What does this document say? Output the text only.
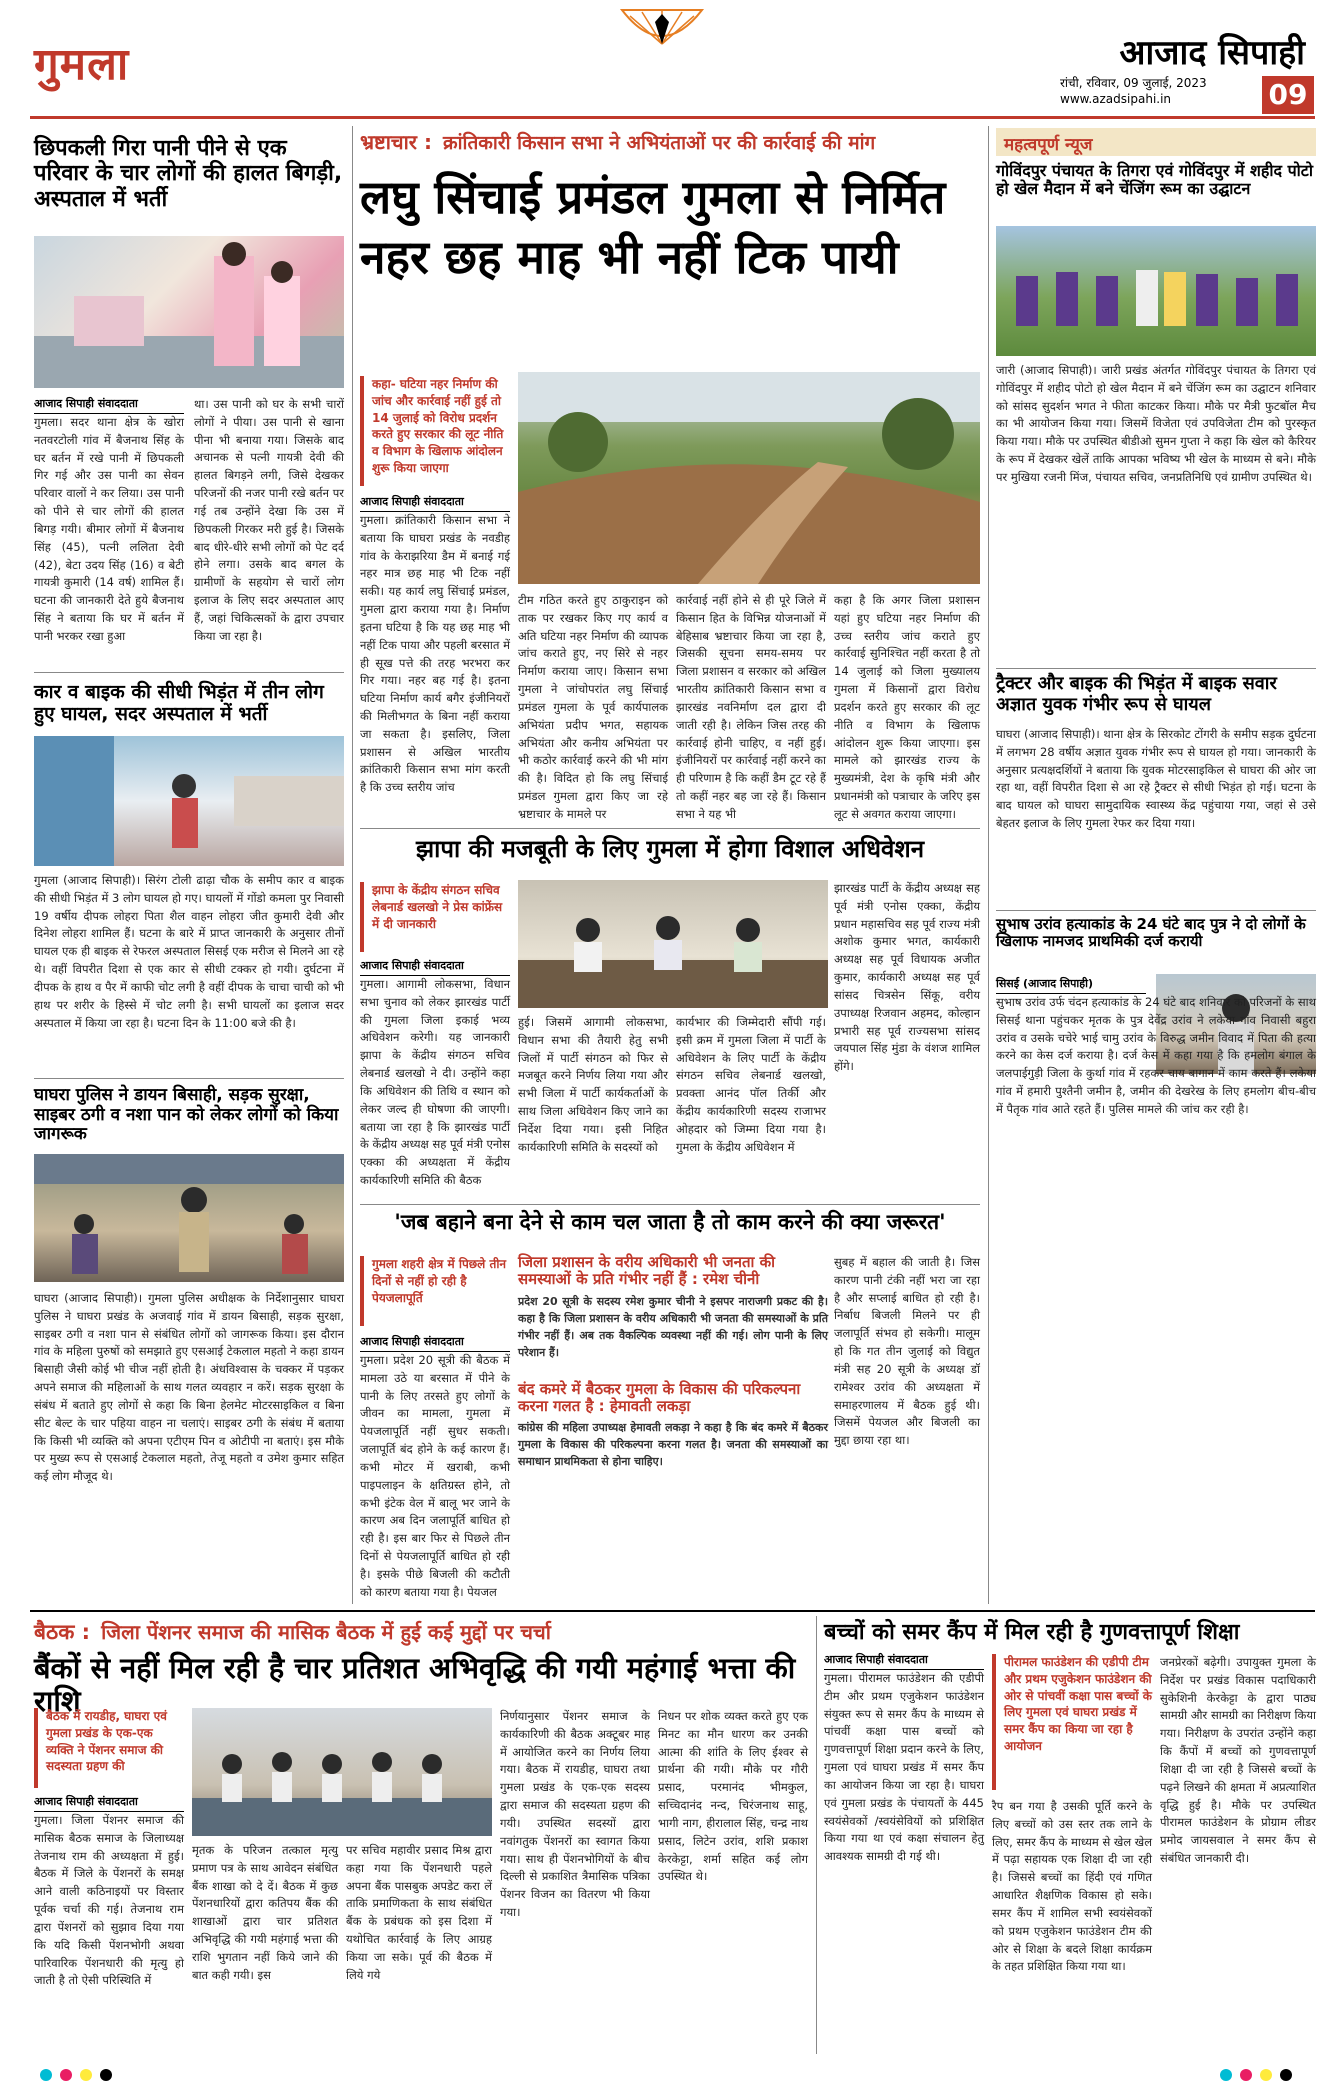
गुमला	आजाद सिपाही
रांची, रविवार, 09 जुलाई, 2023
www.azadsipahi.in	09
छिपकली गिरा पानी पीने से एक परिवार के चार लोगों की हालत बिगड़ी, अस्पताल में भर्ती
आजाद सिपाही संवाददाता
गुमला। सदर थाना क्षेत्र के खोरा नतवरटोली गांव में बैजनाथ सिंह के घर बर्तन में रखे पानी में छिपकली गिर गई और उस पानी का सेवन परिवार वालों ने कर लिया। उस पानी को पीने से चार लोगों की हालत बिगड़ गयी। बीमार लोगों में बैजनाथ सिंह (45), पत्नी ललिता देवी (42), बेटा उदय सिंह (16) व बेटी गायत्री कुमारी (14 वर्ष) शामिल हैं। घटना की जानकारी देते हुये बैजनाथ सिंह ने बताया कि घर में बर्तन में पानी भरकर रखा हुआ
था। उस पानी को घर के सभी चारों लोगों ने पीया। उस पानी से खाना पीना भी बनाया गया। जिसके बाद अचानक से पत्नी गायत्री देवी की हालत बिगड़ने लगी, जिसे देखकर परिजनों की नजर पानी रखे बर्तन पर गई तब उन्होंने देखा कि उस में छिपकली गिरकर मरी हुई है। जिसके बाद धीरे-धीरे सभी लोगों को पेट दर्द होने लगा। उसके बाद बगल के ग्रामीणों के सहयोग से चारों लोग इलाज के लिए सदर अस्पताल आए हैं, जहां चिकित्सकों के द्वारा उपचार किया जा रहा है।
कार व बाइक की सीधी भिड़ंत में तीन लोग हुए घायल, सदर अस्पताल में भर्ती
गुमला (आजाद सिपाही)। सिरंग टोली ढाढ़ा चौक के समीप कार व बाइक की सीधी भिड़ंत में 3 लोग घायल हो गए। घायलों में गोंडो कमला पुर निवासी 19 वर्षीय दीपक लोहरा पिता शैल वाहन लोहरा जीत कुमारी देवी और दिनेश लोहरा शामिल हैं। घटना के बारे में प्राप्त जानकारी के अनुसार तीनों घायल एक ही बाइक से रेफरल अस्पताल सिसई एक मरीज से मिलने आ रहे थे। वहीं विपरीत दिशा से एक कार से सीधी टक्कर हो गयी। दुर्घटना में दीपक के हाथ व पैर में काफी चोट लगी है वहीं दीपक के चाचा चाची को भी हाथ पर शरीर के हिस्से में चोट लगी है। सभी घायलों का इलाज सदर अस्पताल में किया जा रहा है। घटना दिन के 11:00 बजे की है।
घाघरा पुलिस ने डायन बिसाही, सड़क सुरक्षा, साइबर ठगी व नशा पान को लेकर लोगों को किया जागरूक
घाघरा (आजाद सिपाही)। गुमला पुलिस अधीक्षक के निर्देशानुसार घाघरा पुलिस ने घाघरा प्रखंड के अजवाई गांव में डायन बिसाही, सड़क सुरक्षा, साइबर ठगी व नशा पान से संबंधित लोगों को जागरूक किया। इस दौरान गांव के महिला पुरुषों को समझाते हुए एसआई टेकलाल महतो ने कहा डायन बिसाही जैसी कोई भी चीज नहीं होती है। अंधविश्वास के चक्कर में पड़कर अपने समाज की महिलाओं के साथ गलत व्यवहार न करें। सड़क सुरक्षा के संबंध में बताते हुए लोगों से कहा कि बिना हेलमेट मोटरसाइकिल व बिना सीट बेल्ट के चार पहिया वाहन ना चलाएं। साइबर ठगी के संबंध में बताया कि किसी भी व्यक्ति को अपना एटीएम पिन व ओटीपी ना बताएं। इस मौके पर मुख्य रूप से एसआई टेकलाल महतो, तेजू महतो व उमेश कुमार सहित कई लोग मौजूद थे।
भ्रष्टाचार : क्रांतिकारी किसान सभा ने अभियंताओं पर की कार्रवाई की मांग
लघु सिंचाई प्रमंडल गुमला से निर्मित नहर छह माह भी नहीं टिक पायी
कहा- घटिया नहर निर्माण की जांच और कार्रवाई नहीं हुई तो 14 जुलाई को विरोध प्रदर्शन करते हुए सरकार की लूट नीति व विभाग के खिलाफ आंदोलन शुरू किया जाएगा
आजाद सिपाही संवाददाता
गुमला। क्रांतिकारी किसान सभा ने बताया कि घाघरा प्रखंड के नवडीह गांव के केराझरिया डैम में बनाई गई नहर मात्र छह माह भी टिक नहीं सकी। यह कार्य लघु सिंचाई प्रमंडल, गुमला द्वारा कराया गया है। निर्माण इतना घटिया है कि यह छह माह भी नहीं टिक पाया और पहली बरसात में ही सूख पत्ते की तरह भरभरा कर गिर गया। नहर बह गई है। इतना घटिया निर्माण कार्य बगैर इंजीनियरों की मिलीभगत के बिना नहीं कराया जा सकता है। इसलिए, जिला प्रशासन से अखिल भारतीय क्रांतिकारी किसान सभा मांग करती है कि उच्च स्तरीय जांच
टीम गठित करते हुए ठाकुराइन को ताक पर रखकर किए गए कार्य व अति घटिया नहर निर्माण की व्यापक जांच कराते हुए, नए सिरे से नहर निर्माण कराया जाए। किसान सभा गुमला ने जांचोपरांत लघु सिंचाई प्रमंडल गुमला के पूर्व कार्यपालक अभियंता प्रदीप भगत, सहायक अभियंता और कनीय अभियंता पर भी कठोर कार्रवाई करने की भी मांग की है। विदित हो कि लघु सिंचाई प्रमंडल गुमला द्वारा किए जा रहे भ्रष्टाचार के मामले पर
कार्रवाई नहीं होने से ही पूरे जिले में किसान हित के विभिन्न योजनाओं में बेहिसाब भ्रष्टाचार किया जा रहा है, जिसकी सूचना समय-समय पर जिला प्रशासन व सरकार को अखिल भारतीय क्रांतिकारी किसान सभा व झारखंड नवनिर्माण दल द्वारा दी जाती रही है। लेकिन जिस तरह की कार्रवाई होनी चाहिए, व नहीं हुई। इंजीनियरों पर कार्रवाई नहीं करने का ही परिणाम है कि कहीं डैम टूट रहे हैं तो कहीं नहर बह जा रहे हैं। किसान सभा ने यह भी
कहा है कि अगर जिला प्रशासन यहां हुए घटिया नहर निर्माण की उच्च स्तरीय जांच कराते हुए कार्रवाई सुनिश्चित नहीं करता है तो 14 जुलाई को जिला मुख्यालय गुमला में किसानों द्वारा विरोध प्रदर्शन करते हुए सरकार की लूट नीति व विभाग के खिलाफ आंदोलन शुरू किया जाएगा। इस मामले को झारखंड राज्य के मुख्यमंत्री, देश के कृषि मंत्री और प्रधानमंत्री को पत्राचार के जरिए इस लूट से अवगत कराया जाएगा।
झापा की मजबूती के लिए गुमला में होगा विशाल अधिवेशन
झापा के केंद्रीय संगठन सचिव लेबनार्ड खलखो ने प्रेस कांफ्रेंस में दी जानकारी
आजाद सिपाही संवाददाता
गुमला। आगामी लोकसभा, विधान सभा चुनाव को लेकर झारखंड पार्टी की गुमला जिला इकाई भव्य अधिवेशन करेगी। यह जानकारी झापा के केंद्रीय संगठन सचिव लेबनार्ड खलखो ने दी। उन्होंने कहा कि अधिवेशन की तिथि व स्थान को लेकर जल्द ही घोषणा की जाएगी। बताया जा रहा है कि झारखंड पार्टी के केंद्रीय अध्यक्ष सह पूर्व मंत्री एनोस एक्का की अध्यक्षता में केंद्रीय कार्यकारिणी समिति की बैठक
हुई। जिसमें आगामी लोकसभा, विधान सभा की तैयारी हेतु सभी जिलों में पार्टी संगठन को फिर से मजबूत करने निर्णय लिया गया और सभी जिला में पार्टी कार्यकर्ताओं के साथ जिला अधिवेशन किए जाने का निर्देश दिया गया। इसी निहित कार्यकारिणी समिति के सदस्यों को
कार्यभार की जिम्मेदारी सौंपी गई। इसी क्रम में गुमला जिला में पार्टी के अधिवेशन के लिए पार्टी के केंद्रीय संगठन सचिव लेबनार्ड खलखो, प्रवक्ता आनंद पॉल तिर्की और केंद्रीय कार्यकारिणी सदस्य राजाभर ओहदार को जिम्मा दिया गया है। गुमला के केंद्रीय अधिवेशन में
झारखंड पार्टी के केंद्रीय अध्यक्ष सह पूर्व मंत्री एनोस एक्का, केंद्रीय प्रधान महासचिव सह पूर्व राज्य मंत्री अशोक कुमार भगत, कार्यकारी अध्यक्ष सह पूर्व विधायक अजीत कुमार, कार्यकारी अध्यक्ष सह पूर्व सांसद चित्रसेन सिंकू, वरीय उपाध्यक्ष रिजवान अहमद, कोल्हान प्रभारी सह पूर्व राज्यसभा सांसद जयपाल सिंह मुंडा के वंशज शामिल होंगे।
'जब बहाने बना देने से काम चल जाता है तो काम करने की क्या जरूरत'
गुमला शहरी क्षेत्र में पिछले तीन दिनों से नहीं हो रही है पेयजलापूर्ति
आजाद सिपाही संवाददाता
गुमला। प्रदेश 20 सूत्री की बैठक में मामला उठे या बरसात में पीने के पानी के लिए तरसते हुए लोगों के जीवन का मामला, गुमला में पेयजलापूर्ति नहीं सुधर सकती। जलापूर्ति बंद होने के कई कारण हैं। कभी मोटर में खराबी, कभी पाइपलाइन के क्षतिग्रस्त होने, तो कभी इंटेक वेल में बालू भर जाने के कारण अब दिन जलापूर्ति बाधित हो रही है। इस बार फिर से पिछले तीन दिनों से पेयजलापूर्ति बाधित हो रही है। इसके पीछे बिजली की कटौती को कारण बताया गया है। पेयजल
जिला प्रशासन के वरीय अधिकारी भी जनता की समस्याओं के प्रति गंभीर नहीं हैं : रमेश चीनी
प्रदेश 20 सूत्री के सदस्य रमेश कुमार चीनी ने इसपर नाराजगी प्रकट की है। कहा है कि जिला प्रशासन के वरीय अधिकारी भी जनता की समस्याओं के प्रति गंभीर नहीं हैं। अब तक वैकल्पिक व्यवस्था नहीं की गई। लोग पानी के लिए परेशान हैं।
बंद कमरे में बैठकर गुमला के विकास की परिकल्पना करना गलत है : हेमावती लकड़ा
कांग्रेस की महिला उपाध्यक्ष हेमावती लकड़ा ने कहा है कि बंद कमरे में बैठकर गुमला के विकास की परिकल्पना करना गलत है। जनता की समस्याओं का समाधान प्राथमिकता से होना चाहिए।
सुबह में बहाल की जाती है। जिस कारण पानी टंकी नहीं भरा जा रहा है और सप्लाई बाधित हो रही है। निर्बाध बिजली मिलने पर ही जलापूर्ति संभव हो सकेगी। मालूम हो कि गत तीन जुलाई को विद्युत मंत्री सह 20 सूत्री के अध्यक्ष डॉ रामेश्वर उरांव की अध्यक्षता में समाहरणालय में बैठक हुई थी। जिसमें पेयजल और बिजली का मुद्दा छाया रहा था।
महत्वपूर्ण न्यूज
गोविंदपुर पंचायत के तिगरा एवं गोविंदपुर में शहीद पोटो हो खेल मैदान में बने चेंजिंग रूम का उद्घाटन
जारी (आजाद सिपाही)। जारी प्रखंड अंतर्गत गोविंदपुर पंचायत के तिगरा एवं गोविंदपुर में शहीद पोटो हो खेल मैदान में बने चेंजिंग रूम का उद्घाटन शनिवार को सांसद सुदर्शन भगत ने फीता काटकर किया। मौके पर मैत्री फुटबॉल मैच का भी आयोजन किया गया। जिसमें विजेता एवं उपविजेता टीम को पुरस्कृत किया गया। मौके पर उपस्थित बीडीओ सुमन गुप्ता ने कहा कि खेल को कैरियर के रूप में देखकर खेलें ताकि आपका भविष्य भी खेल के माध्यम से बने। मौके पर मुखिया रजनी मिंज, पंचायत सचिव, जनप्रतिनिधि एवं ग्रामीण उपस्थित थे।
ट्रैक्टर और बाइक की भिड़ंत में बाइक सवार अज्ञात युवक गंभीर रूप से घायल
घाघरा (आजाद सिपाही)। थाना क्षेत्र के सिरकोट टोंगरी के समीप सड़क दुर्घटना में लगभग 28 वर्षीय अज्ञात युवक गंभीर रूप से घायल हो गया। जानकारी के अनुसार प्रत्यक्षदर्शियों ने बताया कि युवक मोटरसाइकिल से घाघरा की ओर जा रहा था, वहीं विपरीत दिशा से आ रहे ट्रैक्टर से सीधी भिड़ंत हो गई। घटना के बाद घायल को घाघरा सामुदायिक स्वास्थ्य केंद्र पहुंचाया गया, जहां से उसे बेहतर इलाज के लिए गुमला रेफर कर दिया गया।
सुभाष उरांव हत्याकांड के 24 घंटे बाद पुत्र ने दो लोगों के खिलाफ नामजद प्राथमिकी दर्ज करायी
सिसई (आजाद सिपाही)
सुभाष उरांव उर्फ चंदन हत्याकांड के 24 घंटे बाद शनिवार को परिजनों के साथ सिसई थाना पहुंचकर मृतक के पुत्र देवेंद्र उरांव ने लकेया गांव निवासी बहुरा उरांव व उसके चचेरे भाई चामु उरांव के विरुद्ध जमीन विवाद में पिता की हत्या करने का केस दर्ज कराया है। दर्ज केस में कहा गया है कि हमलोग बंगाल के जलपाईगुड़ी जिला के कुर्था गांव में रहकर चाय बागान में काम करते हैं। लकेया गांव में हमारी पुश्तैनी जमीन है, जमीन की देखरेख के लिए हमलोग बीच-बीच में पैतृक गांव आते रहते हैं। पुलिस मामले की जांच कर रही है।
बैठक : जिला पेंशनर समाज की मासिक बैठक में हुई कई मुद्दों पर चर्चा
बैंकों से नहीं मिल रही है चार प्रतिशत अभिवृद्धि की गयी महंगाई भत्ता की राशि
बैठक में रायडीह, घाघरा एवं गुमला प्रखंड के एक-एक व्यक्ति ने पेंशनर समाज की सदस्यता ग्रहण की
आजाद सिपाही संवाददाता
गुमला। जिला पेंशनर समाज की मासिक बैठक समाज के जिलाध्यक्ष तेजनाथ राम की अध्यक्षता में हुई। बैठक में जिले के पेंशनरों के समक्ष आने वाली कठिनाइयों पर विस्तार पूर्वक चर्चा की गई। तेजनाथ राम द्वारा पेंशनरों को सुझाव दिया गया कि यदि किसी पेंशनभोगी अथवा पारिवारिक पेंशनधारी की मृत्यु हो जाती है तो ऐसी परिस्थिति में
मृतक के परिजन तत्काल मृत्यु प्रमाण पत्र के साथ आवेदन संबंधित बैंक शाखा को दे दें। बैठक में कुछ पेंशनधारियों द्वारा कतिपय बैंक की शाखाओं द्वारा चार प्रतिशत अभिवृद्धि की गयी महंगाई भत्ता की राशि भुगतान नहीं किये जाने की बात कही गयी। इस
पर सचिव महावीर प्रसाद मिश्र द्वारा कहा गया कि पेंशनधारी पहले अपना बैंक पासबुक अपडेट करा लें ताकि प्रमाणिकता के साथ संबंधित बैंक के प्रबंधक को इस दिशा में यथोचित कार्रवाई के लिए आग्रह किया जा सके। पूर्व की बैठक में लिये गये
निर्णयानुसार पेंशनर समाज के कार्यकारिणी की बैठक अक्टूबर माह में आयोजित करने का निर्णय लिया गया। बैठक में रायडीह, घाघरा तथा गुमला प्रखंड के एक-एक सदस्य द्वारा समाज की सदस्यता ग्रहण की गयी। उपस्थित सदस्यों द्वारा नवांगतुक पेंशनरों का स्वागत किया गया। साथ ही पेंशनभोगियों के बीच दिल्ली से प्रकाशित त्रैमासिक पत्रिका पेंशनर विजन का वितरण भी किया गया।
निधन पर शोक व्यक्त करते हुए एक मिनट का मौन धारण कर उनकी आत्मा की शांति के लिए ईश्वर से प्रार्थना की गयी। मौके पर गौरी प्रसाद, परमानंद भीमकुल, सच्चिदानंद नन्द, चिरंजनाथ साहू, भागी नाग, हीरालाल सिंह, चन्द्र नाथ प्रसाद, लिटेन उरांव, शशि प्रकाश केरकेट्टा, शर्मा सहित कई लोग उपस्थित थे।
बच्चों को समर कैंप में मिल रही है गुणवत्तापूर्ण शिक्षा
आजाद सिपाही संवाददाता
गुमला। पीरामल फाउंडेशन की एडीपी टीम और प्रथम एजुकेशन फाउंडेशन संयुक्त रूप से समर कैंप के माध्यम से पांचवीं कक्षा पास बच्चों को गुणवत्तापूर्ण शिक्षा प्रदान करने के लिए, गुमला एवं घाघरा प्रखंड में समर कैंप का आयोजन किया जा रहा है। घाघरा एवं गुमला प्रखंड के पंचायतों के 445 स्वयंसेवकों /स्वयंसेवियों को प्रशिक्षित किया गया था एवं कक्षा संचालन हेतु आवश्यक सामग्री दी गई थी।
पीरामल फाउंडेशन की एडीपी टीम और प्रथम एजुकेशन फाउंडेशन की ओर से पांचवीं कक्षा पास बच्चों के लिए गुमला एवं घाघरा प्रखंड में समर कैंप का किया जा रहा है आयोजन
रैप बन गया है उसकी पूर्ति करने के लिए बच्चों को उस स्तर तक लाने के लिए, समर कैंप के माध्यम से खेल खेल में पढ़ा सहायक एक शिक्षा दी जा रही है। जिससे बच्चों का हिंदी एवं गणित आधारित शैक्षणिक विकास हो सके। समर कैंप में शामिल सभी स्वयंसेवकों को प्रथम एजुकेशन फाउंडेशन टीम की ओर से शिक्षा के बदले शिक्षा कार्यक्रम के तहत प्रशिक्षित किया गया था।
जनप्रेरकों बढ़ेगी। उपायुक्त गुमला के निर्देश पर प्रखंड विकास पदाधिकारी सुकेशिनी केरकेट्टा के द्वारा पाठ्य सामग्री और सामग्री का निरीक्षण किया गया। निरीक्षण के उपरांत उन्होंने कहा कि कैंपों में बच्चों को गुणवत्तापूर्ण शिक्षा दी जा रही है जिससे बच्चों के पढ़ने लिखने की क्षमता में अप्रत्याशित वृद्धि हुई है। मौके पर उपस्थित पीरामल फाउंडेशन के प्रोग्राम लीडर प्रमोद जायसवाल ने समर कैंप से संबंधित जानकारी दी।
